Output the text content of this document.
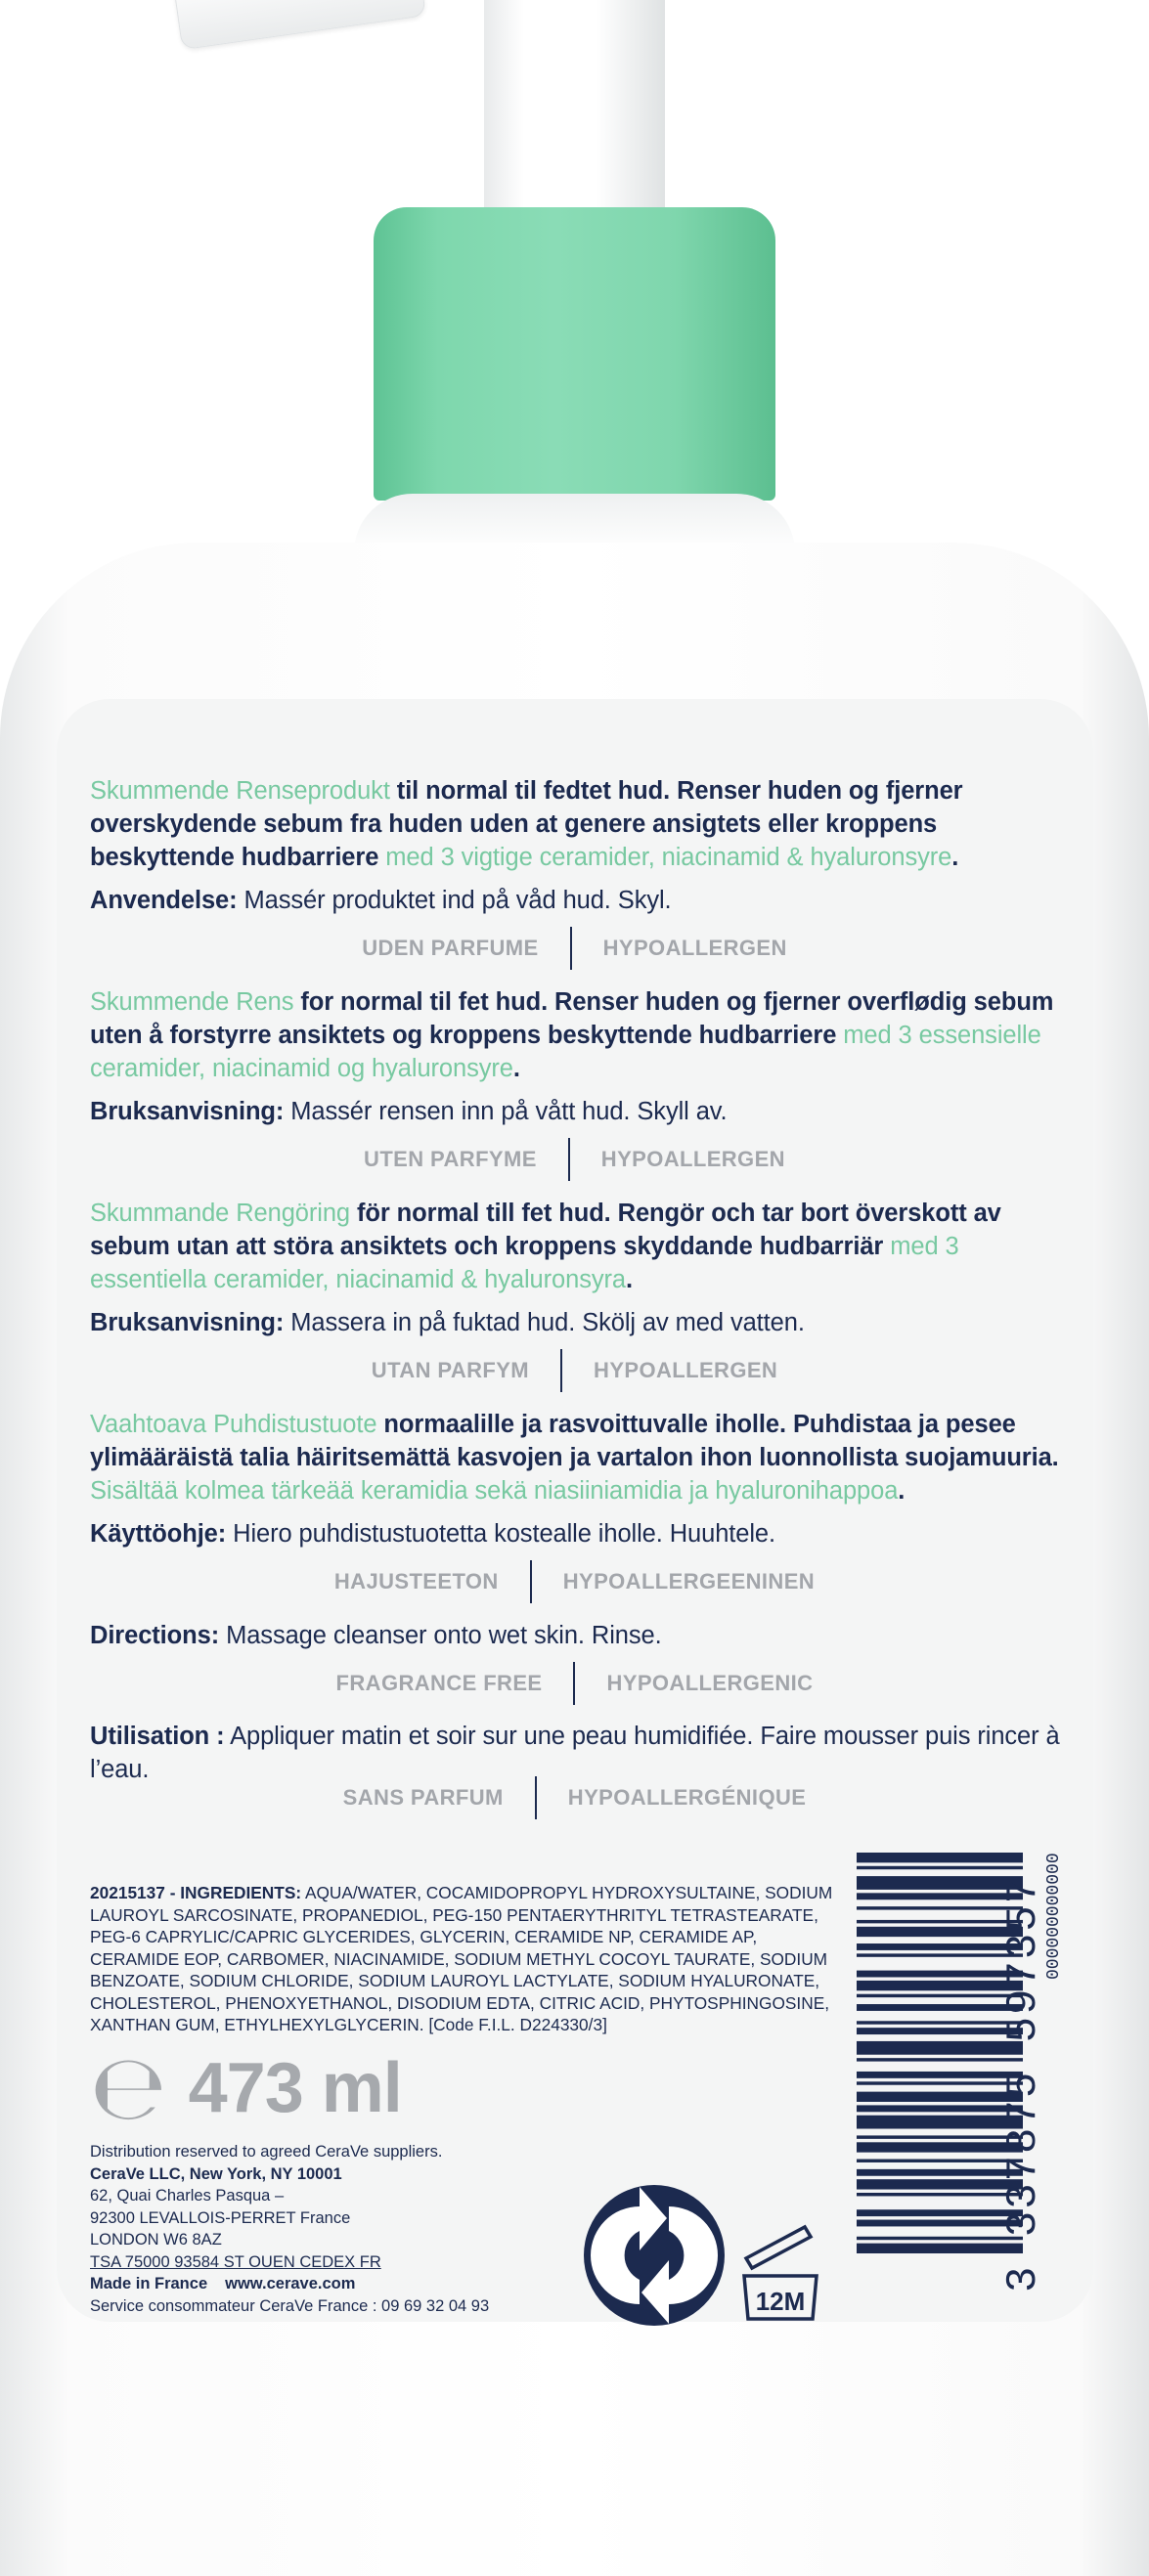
Skummende Renseprodukt til normal til fedtet hud. Renser huden og fjerner overskydende sebum fra huden uden at genere ansigtets eller kroppens beskyttende hudbarriere med 3 vigtige ceramider, niacinamid & hyaluronsyre.
Anvendelse: Massér produktet ind på våd hud. Skyl.
UDEN PARFUME	HYPOALLERGEN
Skummende Rens for normal til fet hud. Renser huden og fjerner overflødig sebum uten å forstyrre ansiktets og kroppens beskyttende hudbarriere med 3 essensielle ceramider, niacinamid og hyaluronsyre.
Bruksanvisning: Massér rensen inn på vått hud. Skyll av.
UTEN PARFYME	HYPOALLERGEN
Skummande Rengöring för normal till fet hud. Rengör och tar bort överskott av sebum utan att störa ansiktets och kroppens skyddande hudbarriär med 3 essentiella ceramider, niacinamid & hyaluronsyra.
Bruksanvisning: Massera in på fuktad hud. Skölj av med vatten.
UTAN PARFYM	HYPOALLERGEN
Vaahtoava Puhdistustuote normaalille ja rasvoittuvalle iholle. Puhdistaa ja pesee ylimääräistä talia häiritsemättä kasvojen ja vartalon ihon luonnollista suojamuuria. Sisältää kolmea tärkeää keramidia sekä niasiiniamidia ja hyaluronihappoa.
Käyttöohje: Hiero puhdistustuotetta kostealle iholle. Huuhtele.
HAJUSTEETON	HYPOALLERGEENINEN
Directions: Massage cleanser onto wet skin. Rinse.
FRAGRANCE FREE	HYPOALLERGENIC
Utilisation : Appliquer matin et soir sur une peau humidifiée. Faire mousser puis rincer à l’eau.
SANS PARFUM	HYPOALLERGÉNIQUE
20215137 - INGREDIENTS: AQUA/WATER, COCAMIDOPROPYL HYDROXYSULTAINE, SODIUM LAUROYL SARCOSINATE, PROPANEDIOL, PEG-150 PENTAERYTHRITYL TETRASTEARATE, PEG-6 CAPRYLIC/CAPRIC GLYCERIDES, GLYCERIN, CERAMIDE NP, CERAMIDE AP, CERAMIDE EOP, CARBOMER, NIACINAMIDE, SODIUM METHYL COCOYL TAURATE, SODIUM BENZOATE, SODIUM CHLORIDE, SODIUM LAUROYL LACTYLATE, SODIUM HYALURONATE, CHOLESTEROL, PHENOXYETHANOL, DISODIUM EDTA, CITRIC ACID, PHYTOSPHINGOSINE, XANTHAN GUM, ETHYLHEXYLGLYCERIN. [Code F.I.L. D224330/3]
℮ 473 ml
Distribution reserved to agreed CeraVe suppliers.
CeraVe LLC, New York, NY 10001
62, Quai Charles Pasqua –
92300 LEVALLOIS-PERRET France
LONDON W6 8AZ
TSA 75000 93584 ST OUEN CEDEX FR
Made in France www.cerave.com
Service consommateur CeraVe France : 09 69 32 04 93	12M
3 337875 597357
000000000000
